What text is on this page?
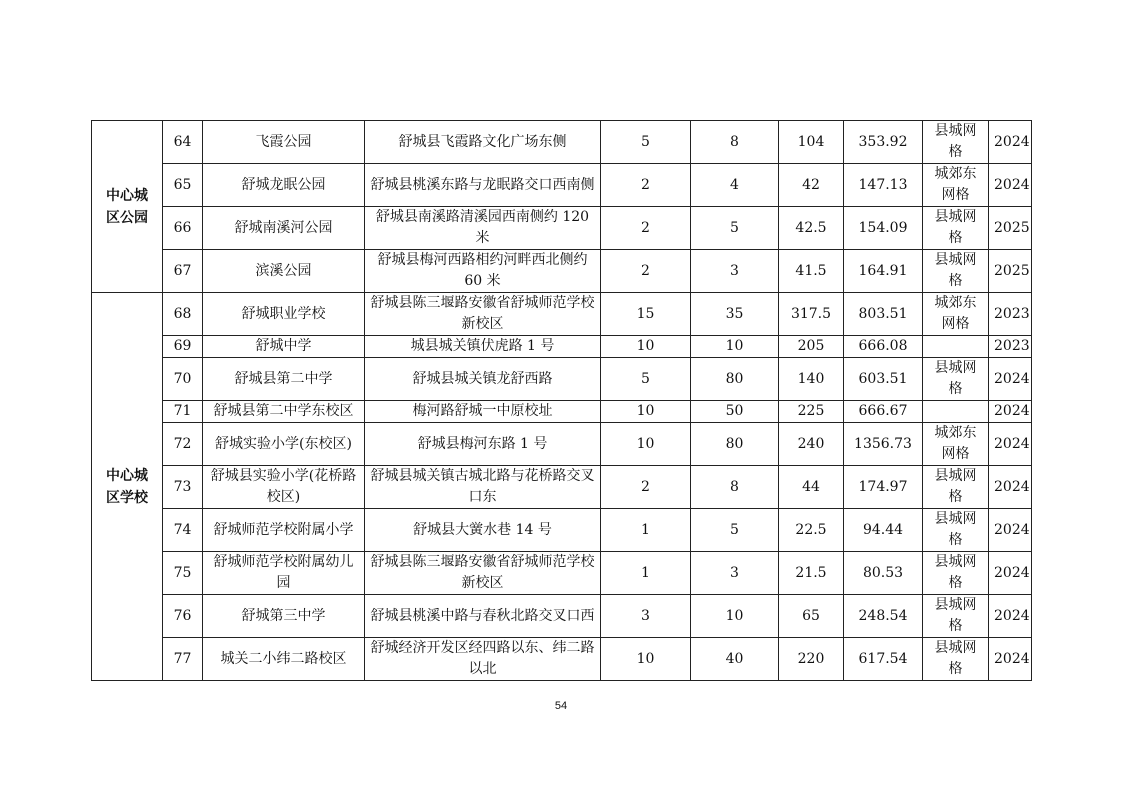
中心城区公园	64	飞霞公园	舒城县飞霞路文化广场东侧	5	8	104	353.92	县城网格	2024
	65	舒城龙眠公园	舒城县桃溪东路与龙眠路交口西南侧	2	4	42	147.13	城郊东网格	2024
	66	舒城南溪河公园	舒城县南溪路清溪园西南侧约 120 米	2	5	42.5	154.09	县城网格	2025
	67	滨溪公园	舒城县梅河西路相约河畔西北侧约 60 米	2	3	41.5	164.91	县城网格	2025
中心城区学校	68	舒城职业学校	舒城县陈三堰路安徽省舒城师范学校新校区	15	35	317.5	803.51	城郊东网格	2023
	69	舒城中学	城县城关镇伏虎路 1 号	10	10	205	666.08		2023
	70	舒城县第二中学	舒城县城关镇龙舒西路	5	80	140	603.51	县城网格	2024
	71	舒城县第二中学东校区	梅河路舒城一中原校址	10	50	225	666.67		2024
	72	舒城实验小学(东校区)	舒城县梅河东路 1 号	10	80	240	1356.73	城郊东网格	2024
	73	舒城县实验小学(花桥路校区)	舒城县城关镇古城北路与花桥路交叉口东	2	8	44	174.97	县城网格	2024
	74	舒城师范学校附属小学	舒城县大黉水巷 14 号	1	5	22.5	94.44	县城网格	2024
	75	舒城师范学校附属幼儿园	舒城县陈三堰路安徽省舒城师范学校新校区	1	3	21.5	80.53	县城网格	2024
	76	舒城第三中学	舒城县桃溪中路与春秋北路交叉口西	3	10	65	248.54	县城网格	2024
	77	城关二小纬二路校区	舒城经济开发区经四路以东、纬二路以北	10	40	220	617.54	县城网格	2024
54
